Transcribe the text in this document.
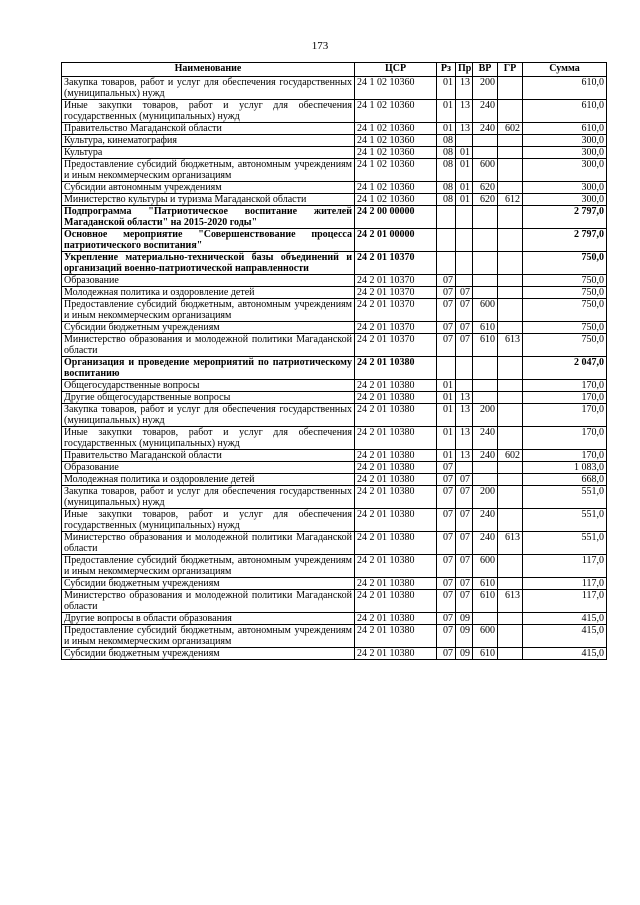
173
Наименование	ЦСР	Рз	Пр	ВР	ГР	Сумма
Закупка товаров, работ и услуг для обеспечения государственных (муниципальных) нужд	24 1 02 10360	01	13	200		610,0
Иные закупки товаров, работ и услуг для обеспечения государственных (муниципальных) нужд	24 1 02 10360	01	13	240		610,0
Правительство Магаданской области	24 1 02 10360	01	13	240	602	610,0
Культура, кинематография	24 1 02 10360	08				300,0
Культура	24 1 02 10360	08	01			300,0
Предоставление субсидий бюджетным, автономным учреждениям и иным некоммерческим организациям	24 1 02 10360	08	01	600		300,0
Субсидии автономным учреждениям	24 1 02 10360	08	01	620		300,0
Министерство культуры и туризма Магаданской области	24 1 02 10360	08	01	620	612	300,0
Подпрограмма "Патриотическое воспитание жителей Магаданской области" на 2015-2020 годы"	24 2 00 00000					2 797,0
Основное мероприятие "Совершенствование процесса патриотического воспитания"	24 2 01 00000					2 797,0
Укрепление материально-технической базы объединений и организаций военно-патриотической направленности	24 2 01 10370					750,0
Образование	24 2 01 10370	07				750,0
Молодежная политика и оздоровление детей	24 2 01 10370	07	07			750,0
Предоставление субсидий бюджетным, автономным учреждениям и иным некоммерческим организациям	24 2 01 10370	07	07	600		750,0
Субсидии бюджетным учреждениям	24 2 01 10370	07	07	610		750,0
Министерство образования и молодежной политики Магаданской области	24 2 01 10370	07	07	610	613	750,0
Организация и проведение мероприятий по патриотическому воспитанию	24 2 01 10380					2 047,0
Общегосударственные вопросы	24 2 01 10380	01				170,0
Другие общегосударственные вопросы	24 2 01 10380	01	13			170,0
Закупка товаров, работ и услуг для обеспечения государственных (муниципальных) нужд	24 2 01 10380	01	13	200		170,0
Иные закупки товаров, работ и услуг для обеспечения государственных (муниципальных) нужд	24 2 01 10380	01	13	240		170,0
Правительство Магаданской области	24 2 01 10380	01	13	240	602	170,0
Образование	24 2 01 10380	07				1 083,0
Молодежная политика и оздоровление детей	24 2 01 10380	07	07			668,0
Закупка товаров, работ и услуг для обеспечения государственных (муниципальных) нужд	24 2 01 10380	07	07	200		551,0
Иные закупки товаров, работ и услуг для обеспечения государственных (муниципальных) нужд	24 2 01 10380	07	07	240		551,0
Министерство образования и молодежной политики Магаданской области	24 2 01 10380	07	07	240	613	551,0
Предоставление субсидий бюджетным, автономным учреждениям и иным некоммерческим организациям	24 2 01 10380	07	07	600		117,0
Субсидии бюджетным учреждениям	24 2 01 10380	07	07	610		117,0
Министерство образования и молодежной политики Магаданской области	24 2 01 10380	07	07	610	613	117,0
Другие вопросы в области образования	24 2 01 10380	07	09			415,0
Предоставление субсидий бюджетным, автономным учреждениям и иным некоммерческим организациям	24 2 01 10380	07	09	600		415,0
Субсидии бюджетным учреждениям	24 2 01 10380	07	09	610		415,0
